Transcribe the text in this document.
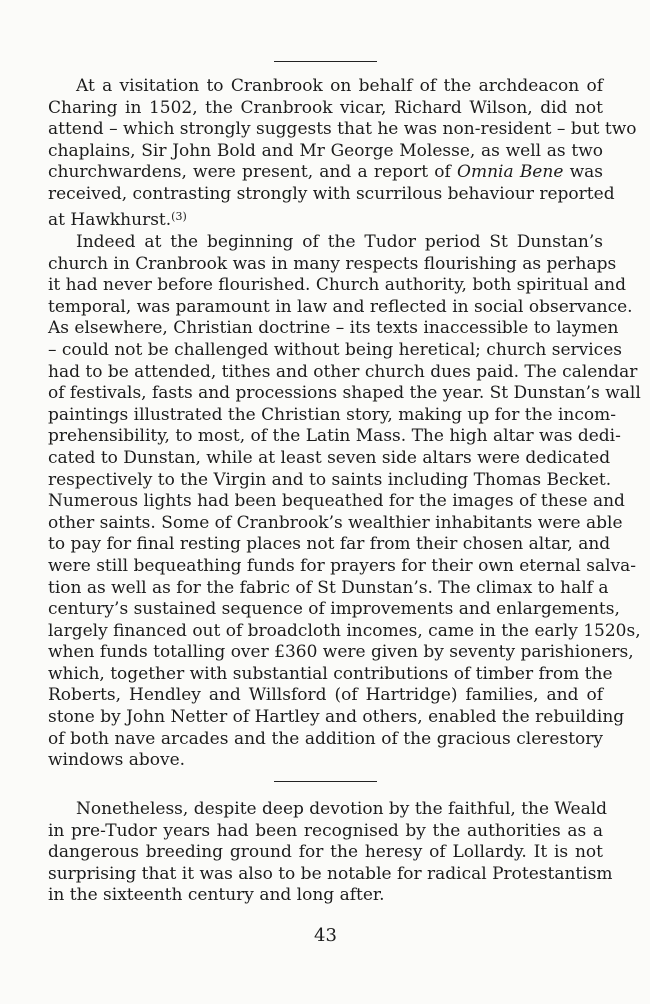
At a visitation to Cranbrook on behalf of the archdeacon of
Charing in 1502, the Cranbrook vicar, Richard Wilson, did not
attend – which strongly suggests that he was non-resident – but two
chaplains, Sir John Bold and Mr George Molesse, as well as two
churchwardens, were present, and a report of Omnia Bene was
received, contrasting strongly with scurrilous behaviour reported
at Hawkhurst.$^{(3)}$

Indeed at the beginning of the Tudor period St Dunstan’s
church in Cranbrook was in many respects flourishing as perhaps
it had never before flourished. Church authority, both spiritual and
temporal, was paramount in law and reflected in social observance.
As elsewhere, Christian doctrine – its texts inaccessible to laymen
– could not be challenged without being heretical; church services
had to be attended, tithes and other church dues paid. The calendar
of festivals, fasts and processions shaped the year. St Dunstan’s wall
paintings illustrated the Christian story, making up for the incom-
prehensibility, to most, of the Latin Mass. The high altar was dedi-
cated to Dunstan, while at least seven side altars were dedicated
respectively to the Virgin and to saints including Thomas Becket.
Numerous lights had been bequeathed for the images of these and
other saints. Some of Cranbrook’s wealthier inhabitants were able
to pay for final resting places not far from their chosen altar, and
were still bequeathing funds for prayers for their own eternal salva-
tion as well as for the fabric of St Dunstan’s. The climax to half a
century’s sustained sequence of improvements and enlargements,
largely financed out of broadcloth incomes, came in the early 1520s,
when funds totalling over £360 were given by seventy parishioners,
which, together with substantial contributions of timber from the
Roberts, Hendley and Willsford (of Hartridge) families, and of
stone by John Netter of Hartley and others, enabled the rebuilding
of both nave arcades and the addition of the gracious clerestory
windows above.

Nonetheless, despite deep devotion by the faithful, the Weald
in pre-Tudor years had been recognised by the authorities as a
dangerous breeding ground for the heresy of Lollardy. It is not
surprising that it was also to be notable for radical Protestantism
in the sixteenth century and long after.

43
